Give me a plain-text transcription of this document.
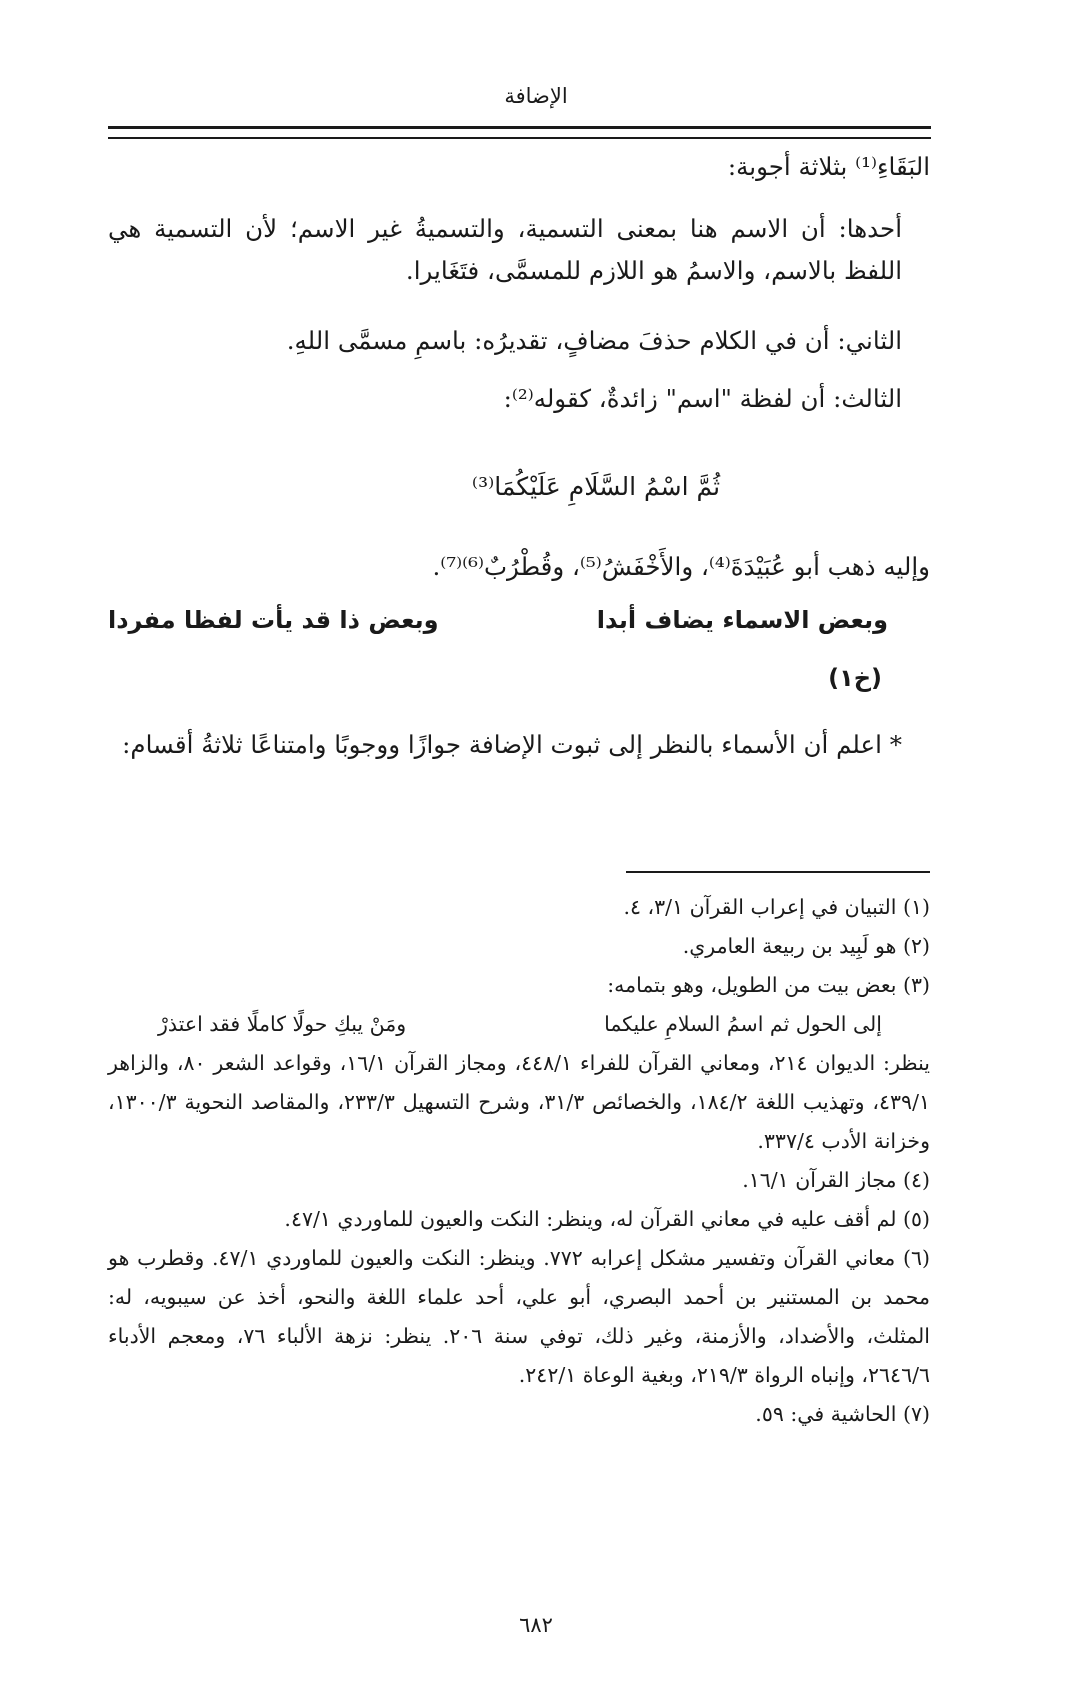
الإضافة
البَقَاءِ⁽¹⁾ بثلاثة أجوبة:
أحدها: أن الاسم هنا بمعنى التسمية، والتسميةُ غير الاسم؛ لأن التسمية هي اللفظ بالاسم، والاسمُ هو اللازم للمسمَّى، فتَغَايرا.
الثاني: أن في الكلام حذفَ مضافٍ، تقديرُه: باسمِ مسمَّى اللهِ.
الثالث: أن لفظة "اسم" زائدةٌ، كقوله⁽²⁾:
ثُمَّ اسْمُ السَّلَامِ عَلَيْكُمَا⁽³⁾
وإليه ذهب أبو عُبَيْدَةَ⁽⁴⁾، والأَخْفَشُ⁽⁵⁾، وقُطْرُبٌ⁽⁶⁾⁽⁷⁾.
وبعض الاسماء يضاف أبدا
وبعض ذا قد يأت لفظا مفردا
(خ١)
* اعلم أن الأسماء بالنظر إلى ثبوت الإضافة جوازًا ووجوبًا وامتناعًا ثلاثةُ أقسام:

(١) التبيان في إعراب القرآن ٣/١، ٤.

(٢) هو لَبِيد بن ربيعة العامري.

(٣) بعض بيت من الطويل، وهو بتمامه:

إلى الحول ثم اسمُ السلامِ عليكما
ومَنْ يبكِ حولًا كاملًا فقد اعتذرْ

ينظر: الديوان ٢١٤، ومعاني القرآن للفراء ٤٤٨/١، ومجاز القرآن ١٦/١، وقواعد الشعر ٨٠، والزاهر ٤٣٩/١، وتهذيب اللغة ١٨٤/٢، والخصائص ٣١/٣، وشرح التسهيل ٢٣٣/٣، والمقاصد النحوية ١٣٠٠/٣، وخزانة الأدب ٣٣٧/٤.

(٤) مجاز القرآن ١٦/١.

(٥) لم أقف عليه في معاني القرآن له، وينظر: النكت والعيون للماوردي ٤٧/١.

(٦) معاني القرآن وتفسير مشكل إعرابه ٧٧٢. وينظر: النكت والعيون للماوردي ٤٧/١. وقطرب هو محمد بن المستنير بن أحمد البصري، أبو علي، أحد علماء اللغة والنحو، أخذ عن سيبويه، له: المثلث، والأضداد، والأزمنة، وغير ذلك، توفي سنة ٢٠٦. ينظر: نزهة الألباء ٧٦، ومعجم الأدباء ٢٦٤٦/٦، وإنباه الرواة ٢١٩/٣، وبغية الوعاة ٢٤٢/١.

(٧) الحاشية في: ٥٩.

٦٨٢
